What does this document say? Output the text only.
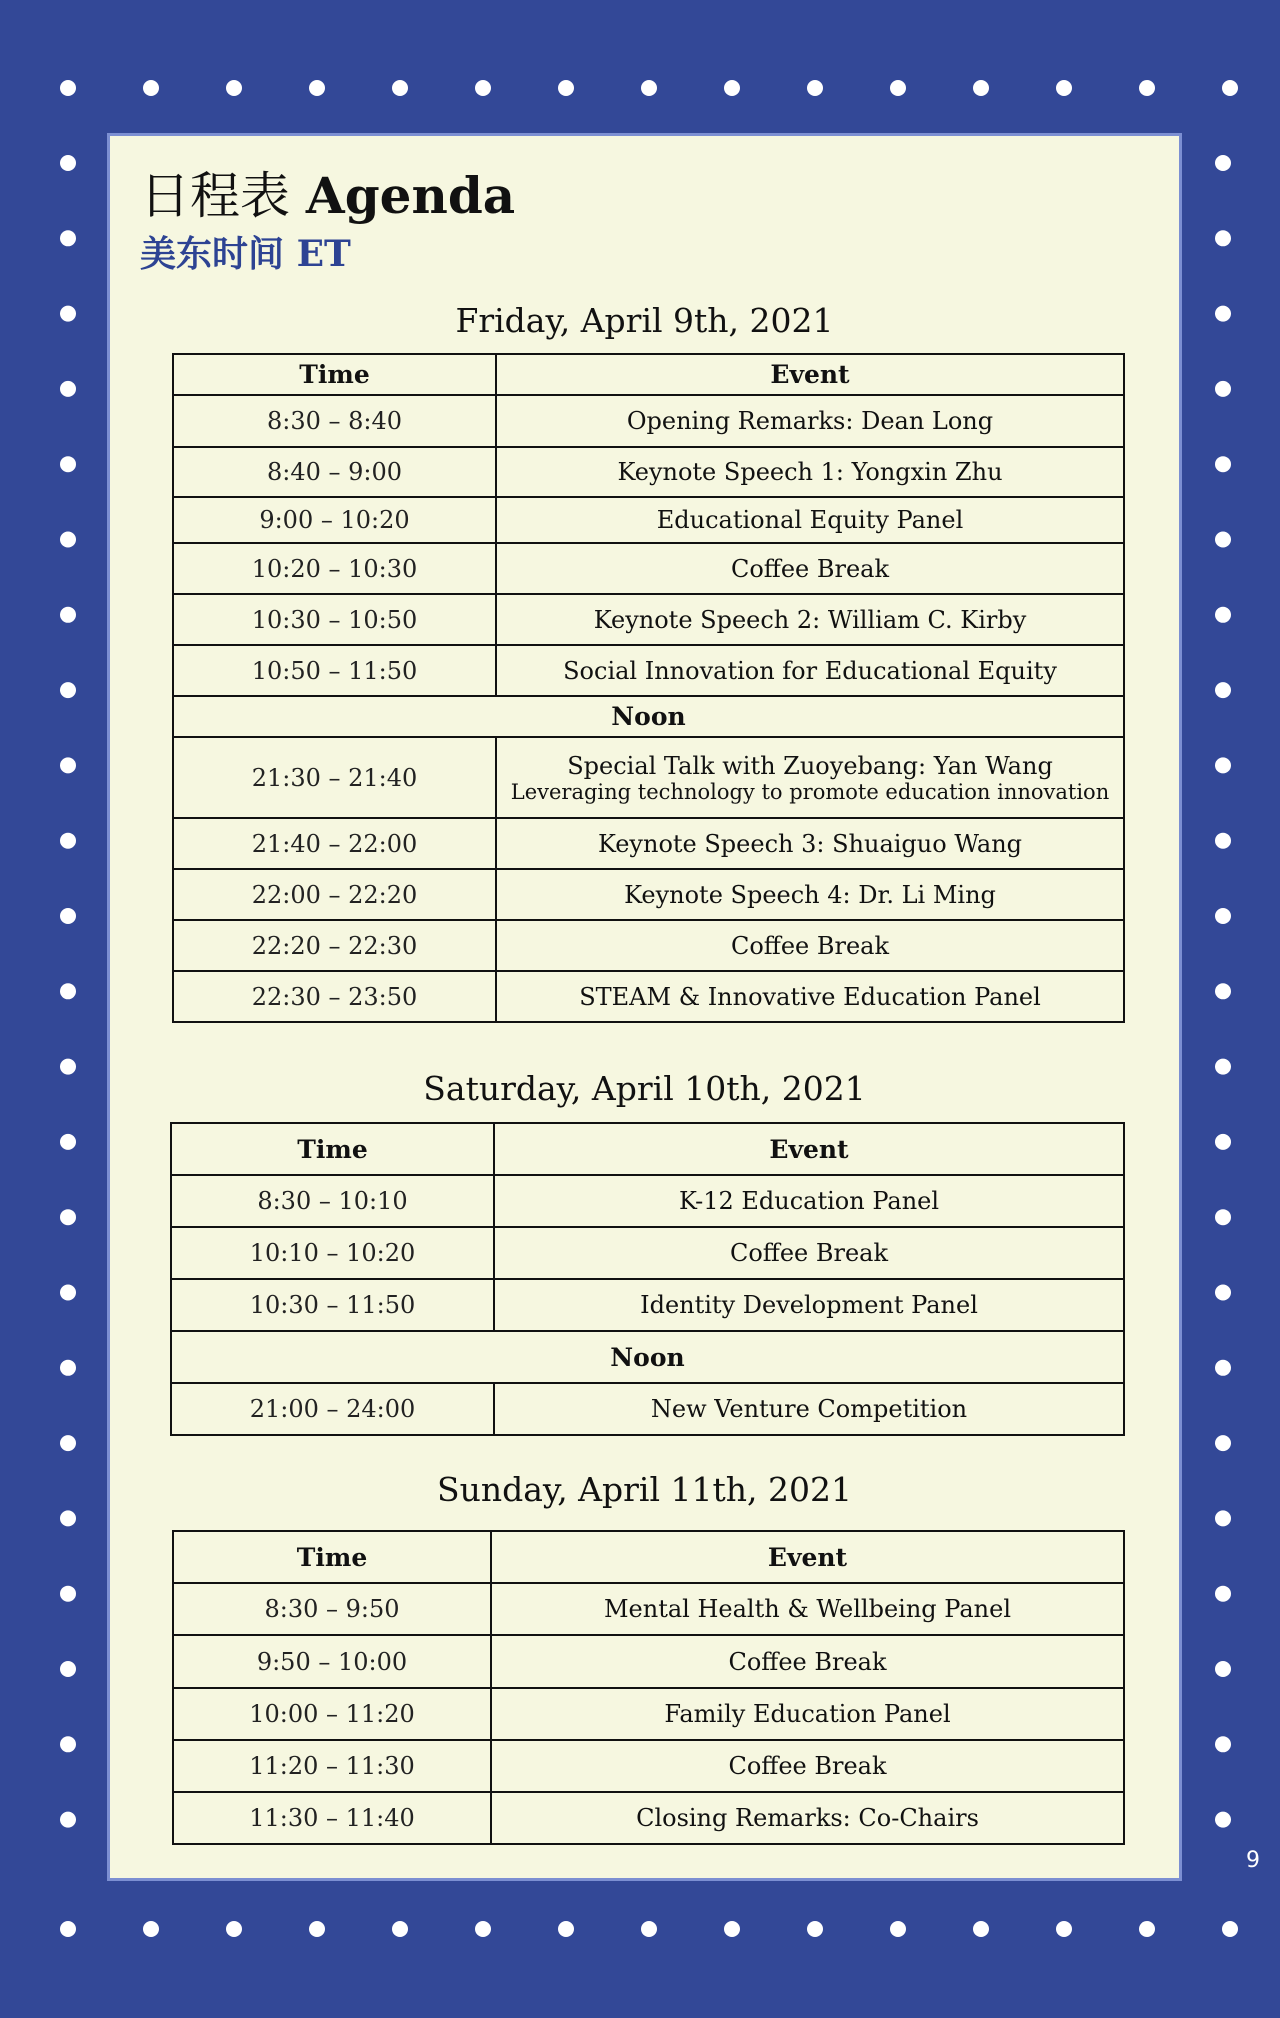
日程表 Agenda
美东时间 ET
Friday, April 9th, 2021
Time	Event
8:30 – 8:40	Opening Remarks: Dean Long
8:40 – 9:00	Keynote Speech 1: Yongxin Zhu
9:00 – 10:20	Educational Equity Panel
10:20 – 10:30	Coffee Break
10:30 – 10:50	Keynote Speech 2: William C. Kirby
10:50 – 11:50	Social Innovation for Educational Equity
Noon	
21:30 – 21:40	Special Talk with Zuoyebang: Yan Wang
Leveraging technology to promote education innovation

21:40 – 22:00	Keynote Speech 3: Shuaiguo Wang
22:00 – 22:20	Keynote Speech 4: Dr. Li Ming
22:20 – 22:30	Coffee Break
22:30 – 23:50	STEAM & Innovative Education Panel
Saturday, April 10th, 2021
Time	Event
8:30 – 10:10	K-12 Education Panel
10:10 – 10:20	Coffee Break
10:30 – 11:50	Identity Development Panel
Noon	
21:00 – 24:00	New Venture Competition
Sunday, April 11th, 2021
Time	Event
8:30 – 9:50	Mental Health & Wellbeing Panel
9:50 – 10:00	Coffee Break
10:00 – 11:20	Family Education Panel
11:20 – 11:30	Coffee Break
11:30 – 11:40	Closing Remarks: Co-Chairs
9
